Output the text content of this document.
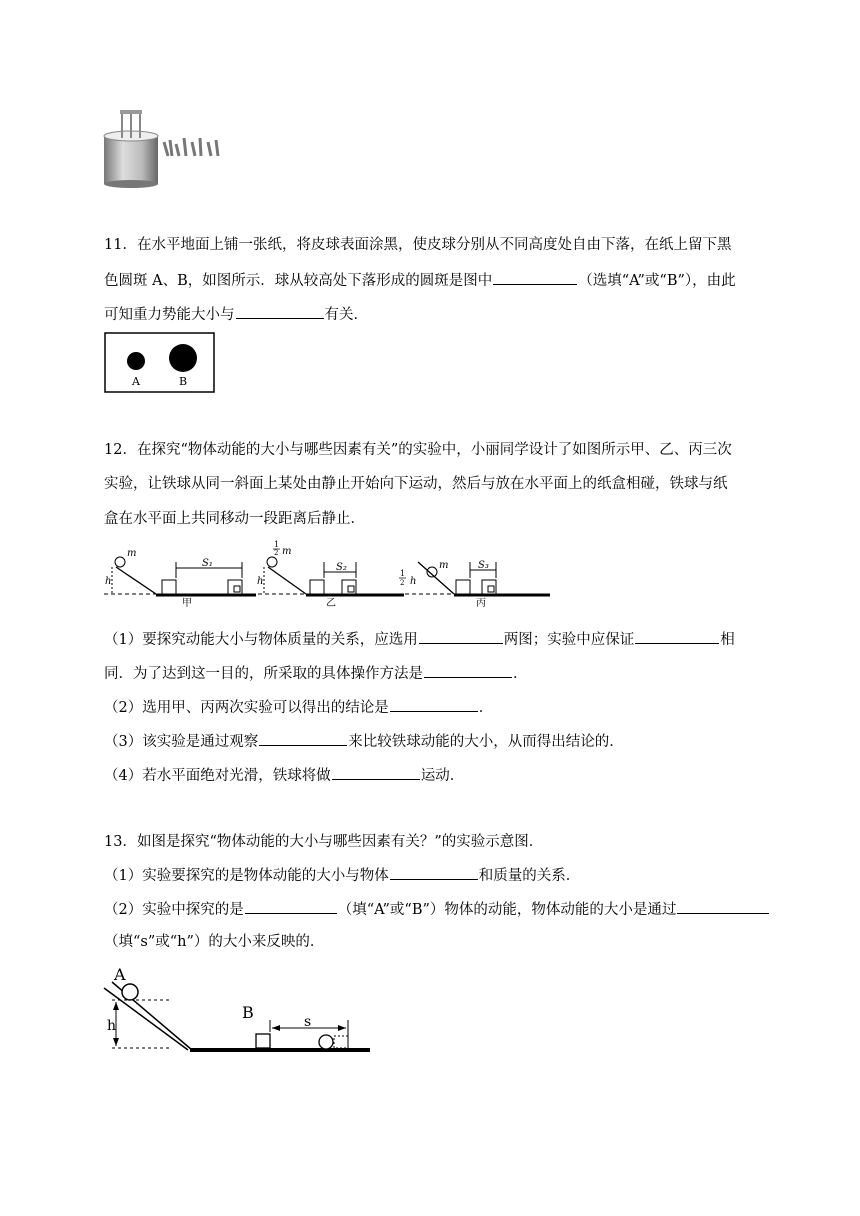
11．在水平地面上铺一张纸，将皮球表面涂黑，使皮球分别从不同高度处自由下落，在纸上留下黑
色圆斑 A、B，如图所示．球从较高处下落形成的圆斑是图中	（选填“A”或“B”），由此
可知重力势能大小与	有关．
A	B
12．在探究“物体动能的大小与哪些因素有关”的实验中，小丽同学设计了如图所示甲、乙、丙三次
实验，让铁球从同一斜面上某处由静止开始向下运动，然后与放在水平面上的纸盒相碰，铁球与纸
盒在水平面上共同移动一段距离后静止．
h
m
S₁
甲
h
1
2 m
S₂
乙
1
2 h
m	S₃
丙
（1）要探究动能大小与物体质量的关系，应选用	两图；实验中应保证	相
同．为了达到这一目的，所采取的具体操作方法是	．
（2）选用甲、丙两次实验可以得出的结论是	．
（3）该实验是通过观察	来比较铁球动能的大小，从而得出结论的．
（4）若水平面绝对光滑，铁球将做	运动．
13．如图是探究“物体动能的大小与哪些因素有关？”的实验示意图．
（1）实验要探究的是物体动能的大小与物体	和质量的关系．
（2）实验中探究的是	（填“A”或“B”）物体的动能，物体动能的大小是通过
（填“s”或“h”）的大小来反映的．
A
h
B	s
